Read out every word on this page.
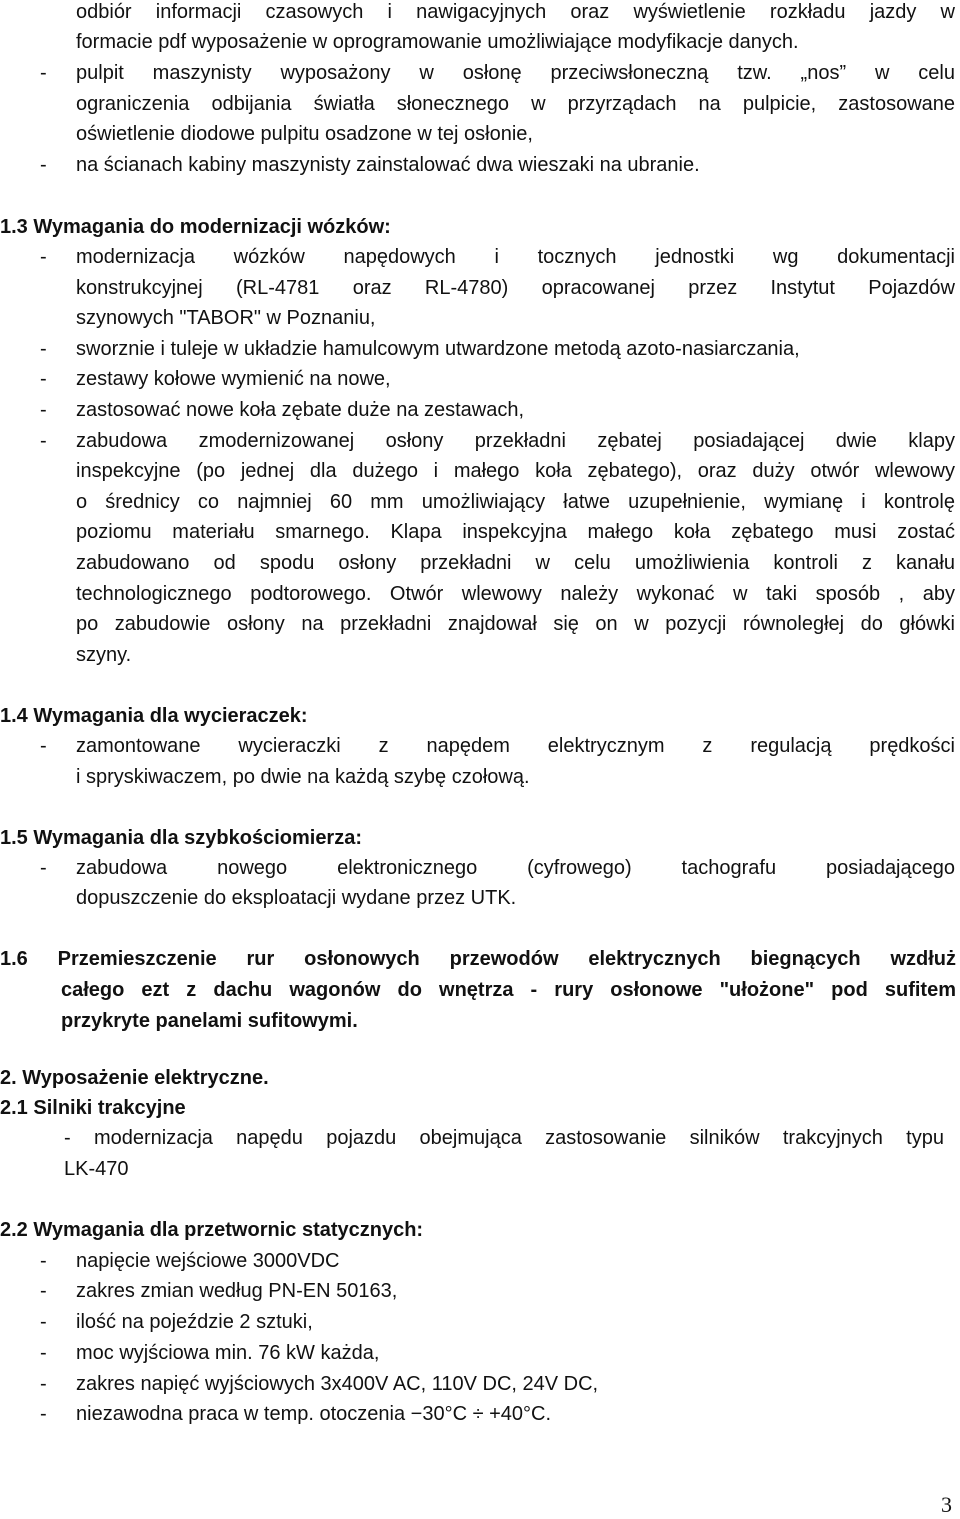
odbiór informacji czasowych i nawigacyjnych oraz wyświetlenie rozkładu jazdy w
formacie pdf wyposażenie w oprogramowanie umożliwiające modyfikacje danych.
- pulpit maszynisty wyposażony w osłonę przeciwsłoneczną tzw. „nos” w celu
ograniczenia odbijania światła słonecznego w przyrządach na pulpicie, zastosowane
oświetlenie diodowe pulpitu osadzone w tej osłonie,
- na ścianach kabiny maszynisty zainstalować dwa wieszaki na ubranie.
1.3 Wymagania do modernizacji wózków:
- modernizacja wózków napędowych i tocznych jednostki wg dokumentacji
konstrukcyjnej (RL-4781 oraz RL-4780) opracowanej przez Instytut Pojazdów
szynowych "TABOR" w Poznaniu,
- sworznie i tuleje w układzie hamulcowym utwardzone metodą azoto-nasiarczania,
- zestawy kołowe wymienić na nowe,
- zastosować nowe koła zębate duże na zestawach,
- zabudowa zmodernizowanej osłony przekładni zębatej posiadającej dwie klapy
inspekcyjne (po jednej dla dużego i małego koła zębatego), oraz duży otwór wlewowy
o średnicy co najmniej 60 mm umożliwiający łatwe uzupełnienie, wymianę i kontrolę
poziomu materiału smarnego. Klapa inspekcyjna małego koła zębatego musi zostać
zabudowano od spodu osłony przekładni w celu umożliwienia kontroli z kanału
technologicznego podtorowego. Otwór wlewowy należy wykonać w taki sposób , aby
po zabudowie osłony na przekładni znajdował się on w pozycji równoległej do główki
szyny.
1.4 Wymagania dla wycieraczek:
- zamontowane wycieraczki z napędem elektrycznym z regulacją prędkości
i spryskiwaczem, po dwie na każdą szybę czołową.
1.5 Wymagania dla szybkościomierza:
- zabudowa nowego elektronicznego (cyfrowego) tachografu posiadającego
dopuszczenie do eksploatacji wydane przez UTK.
1.6 Przemieszczenie rur osłonowych przewodów elektrycznych biegnących wzdłuż
całego ezt z dachu wagonów do wnętrza - rury osłonowe "ułożone" pod sufitem
przykryte panelami sufitowymi.
2. Wyposażenie elektryczne.
2.1 Silniki trakcyjne
- modernizacja napędu pojazdu obejmująca zastosowanie silników trakcyjnych typu
LK-470
2.2 Wymagania dla przetwornic statycznych:
- napięcie wejściowe 3000VDC
- zakres zmian według PN-EN 50163,
- ilość na pojeździe 2 sztuki,
- moc wyjściowa min. 76 kW każda,
- zakres napięć wyjściowych 3x400V AC, 110V DC, 24V DC,
- niezawodna praca w temp. otoczenia −30°C ÷ +40°C.
3
